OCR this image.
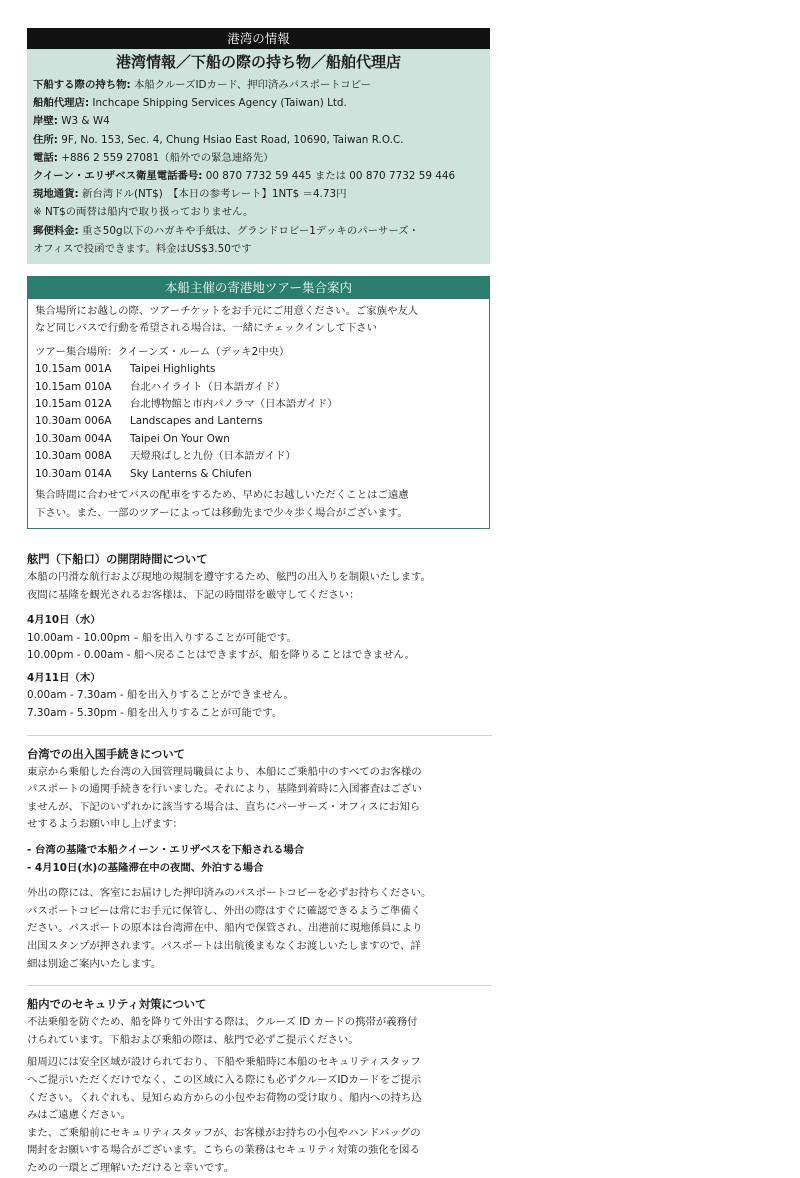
港湾の情報
港湾情報／下船の際の持ち物／船舶代理店
下船する際の持ち物: 本船クルーズIDカード、押印済みパスポートコピー
船舶代理店: Inchcape Shipping Services Agency (Taiwan) Ltd.
岸壁: W3 & W4
住所: 9F, No. 153, Sec. 4, Chung Hsiao East Road, 10690, Taiwan R.O.C.
電話: +886 2 559 27081（船外での緊急連絡先）
クイーン・エリザベス衛星電話番号: 00 870 7732 59 445 または 00 870 7732 59 446
現地通貨: 新台湾ドル(NT$)　【本日の参考レート】1NT$ ＝4.73円
※ NT$の両替は船内で取り扱っておりません。
郵便料金: 重さ50g以下のハガキや手紙は、グランドロビー1デッキのパーサーズ・
オフィスで投函できます。料金はUS$3.50です
本船主催の寄港地ツアー集合案内
集合場所にお越しの際、ツアーチケットをお手元にご用意ください。ご家族や友人
など同じバスで行動を希望される場合は、一緒にチェックインして下さい
ツアー集合場所：クイーンズ・ルーム（デッキ2中央）
10.15am 001A	Taipei Highlights
10.15am 010A	台北ハイライト（日本語ガイド）
10.15am 012A	台北博物館と市内パノラマ（日本語ガイド）
10.30am 006A	Landscapes and Lanterns
10.30am 004A	Taipei On Your Own
10.30am 008A	天燈飛ばしと九份（日本語ガイド）
10.30am 014A	Sky Lanterns & Chiufen
集合時間に合わせてバスの配車をするため、早めにお越しいただくことはご遠慮
下さい。また、一部のツアーによっては移動先まで少々歩く場合がございます。
舷門（下船口）の開閉時間について
本船の円滑な航行および現地の規制を遵守するため、舷門の出入りを制限いたします。
夜間に基隆を観光されるお客様は、下記の時間帯を厳守してください：
4月10日（水）
10.00am - 10.00pm – 船を出入りすることが可能です。
10.00pm - 0.00am - 船へ戻ることはできますが、船を降りることはできません。
4月11日（木）
0.00am - 7.30am - 船を出入りすることができません。
7.30am - 5.30pm - 船を出入りすることが可能です。
台湾での出入国手続きについて
東京から乗船した台湾の入国管理局職員により、本船にご乗船中のすべてのお客様の
パスポートの通関手続きを行いました。それにより、基隆到着時に入国審査はござい
ませんが、下記のいずれかに該当する場合は、直ちにパーサーズ・オフィスにお知ら
せするようお願い申し上げます：
- 台湾の基隆で本船クイーン・エリザベスを下船される場合
- 4月10日(水)の基隆滞在中の夜間、外泊する場合
外出の際には、客室にお届けした押印済みのパスポートコピーを必ずお持ちください。
パスポートコピーは常にお手元に保管し、外出の際はすぐに確認できるようご準備く
ださい。パスポートの原本は台湾滞在中、船内で保管され、出港前に現地係員により
出国スタンプが押されます。パスポートは出航後まもなくお渡しいたしますので、詳
細は別途ご案内いたします。
船内でのセキュリティ対策について
不法乗船を防ぐため、船を降りて外出する際は、クルーズ ID カードの携帯が義務付
けられています。下船および乗船の際は、舷門で必ずご提示ください。
船周辺には安全区域が設けられており、下船や乗船時に本船のセキュリティスタッフ
へご提示いただくだけでなく、この区域に入る際にも必ずクルーズIDカードをご提示
ください。くれぐれも、見知らぬ方からの小包やお荷物の受け取り、船内への持ち込
みはご遠慮ください。
また、ご乗船前にセキュリティスタッフが、お客様がお持ちの小包やハンドバッグの
開封をお願いする場合がございます。こちらの業務はセキュリティ対策の強化を図る
ための一環とご理解いただけると幸いです。
